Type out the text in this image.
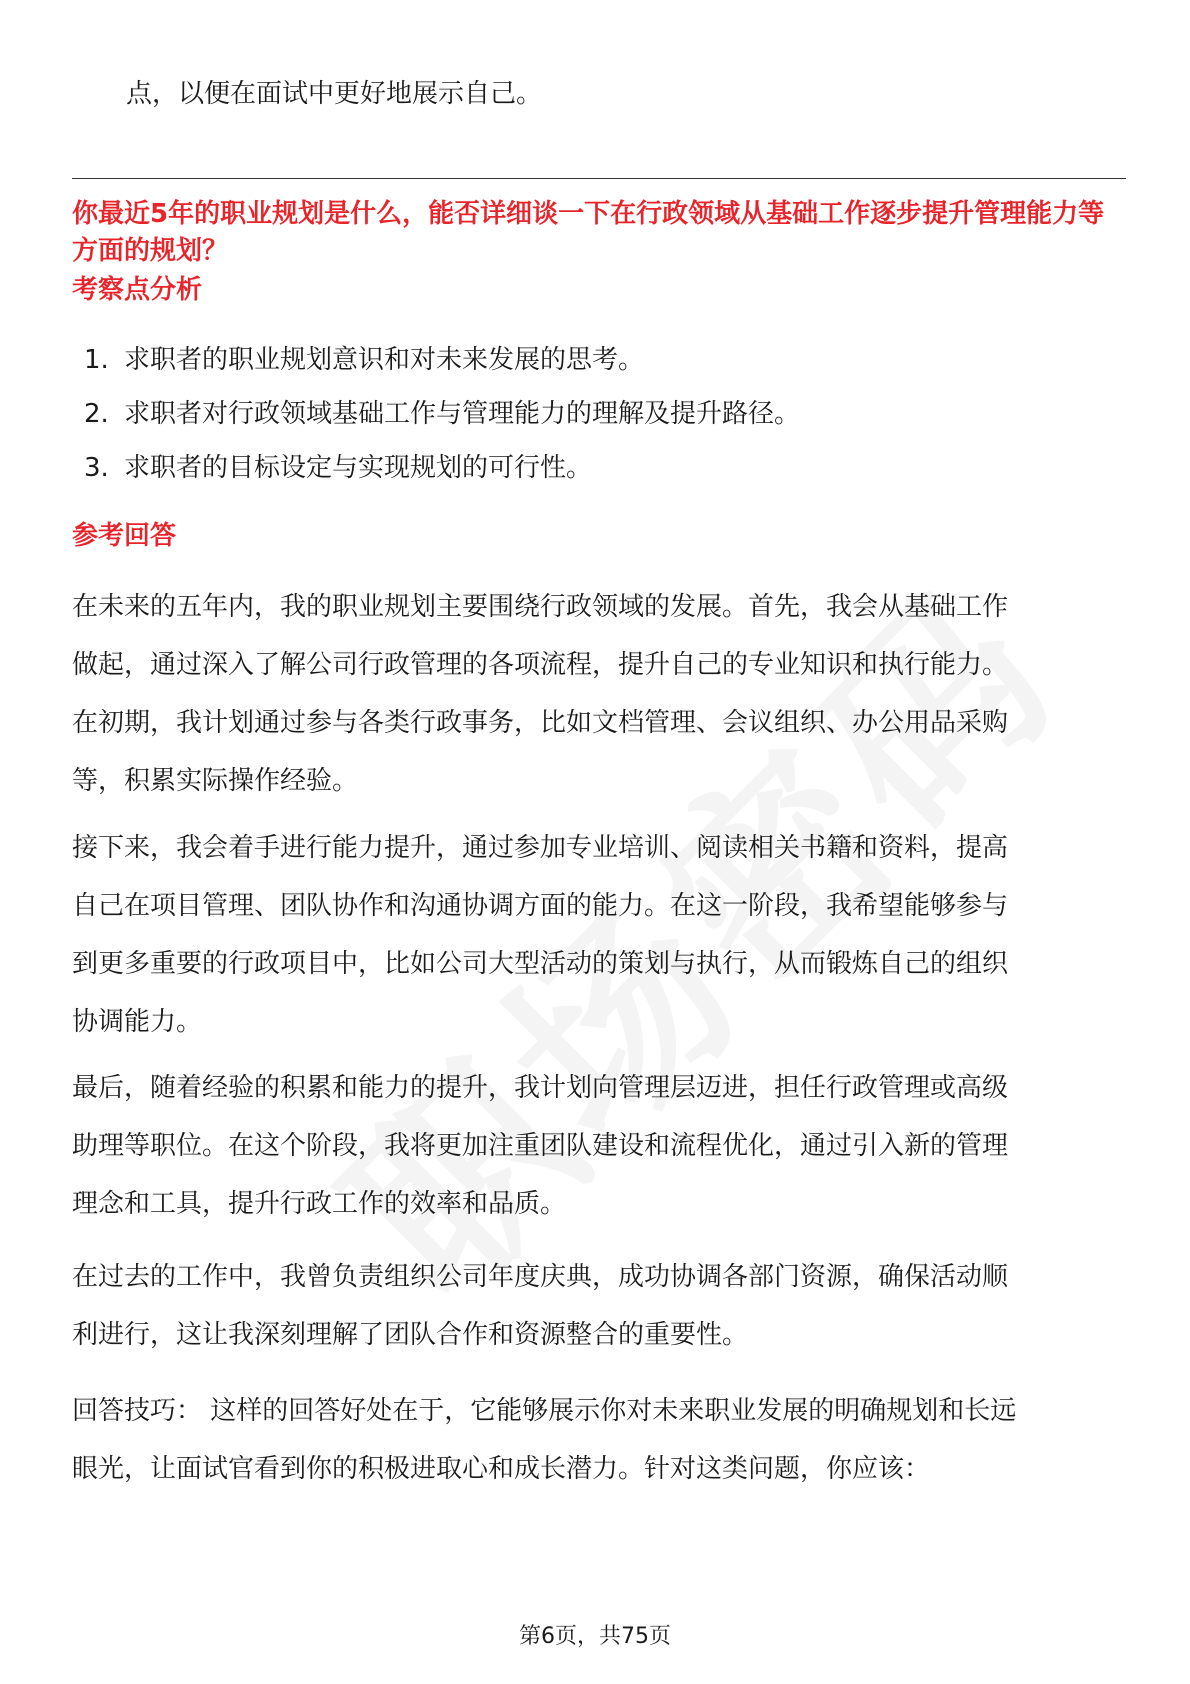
点，以便在面试中更好地展示自己。
你最近5年的职业规划是什么，能否详细谈一下在行政领域从基础工作逐步提升管理能力等方面的规划？
考察点分析
1. 求职者的职业规划意识和对未来发展的思考。
2. 求职者对行政领域基础工作与管理能力的理解及提升路径。
3. 求职者的目标设定与实现规划的可行性。
参考回答
在未来的五年内，我的职业规划主要围绕行政领域的发展。首先，我会从基础工作
做起，通过深入了解公司行政管理的各项流程，提升自己的专业知识和执行能力。
在初期，我计划通过参与各类行政事务，比如文档管理、会议组织、办公用品采购
等，积累实际操作经验。
接下来，我会着手进行能力提升，通过参加专业培训、阅读相关书籍和资料，提高
自己在项目管理、团队协作和沟通协调方面的能力。在这一阶段，我希望能够参与
到更多重要的行政项目中，比如公司大型活动的策划与执行，从而锻炼自己的组织
协调能力。
最后，随着经验的积累和能力的提升，我计划向管理层迈进，担任行政管理或高级
助理等职位。在这个阶段，我将更加注重团队建设和流程优化，通过引入新的管理
理念和工具，提升行政工作的效率和品质。
在过去的工作中，我曾负责组织公司年度庆典，成功协调各部门资源，确保活动顺
利进行，这让我深刻理解了团队合作和资源整合的重要性。
回答技巧： 这样的回答好处在于，它能够展示你对未来职业发展的明确规划和长远
眼光，让面试官看到你的积极进取心和成长潜力。针对这类问题，你应该：
第6页，共75页
